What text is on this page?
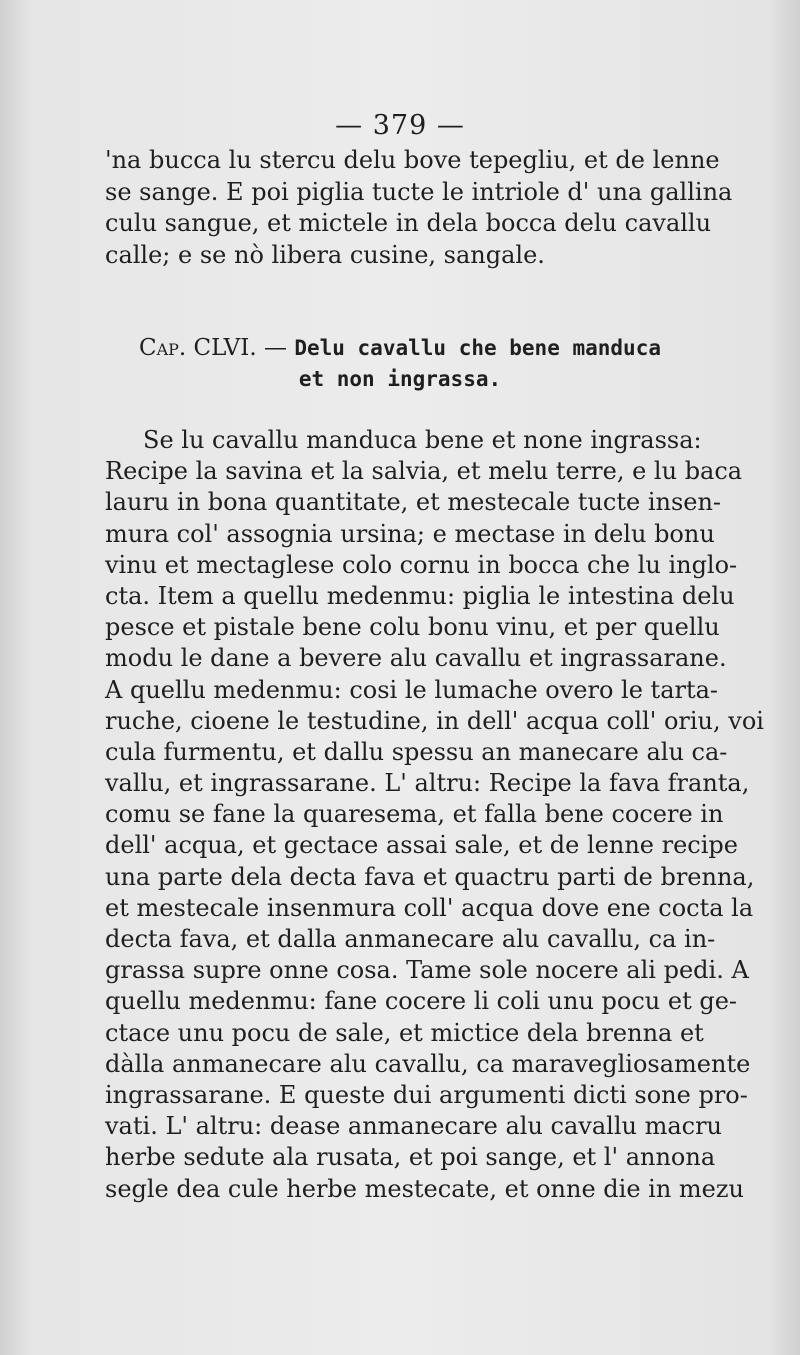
— 379 —
'na bucca lu stercu delu bove tepegliu, et de lenne
se sange. E poi piglia tucte le intriole d' una gallina
culu sangue, et mictele in dela bocca delu cavallu
calle; e se nò libera cusine, sangale.
Cap. CLVI. — Delu cavallu che bene manduca
et non ingrassa.
Se lu cavallu manduca bene et none ingrassa:
Recipe la savina et la salvia, et melu terre, e lu baca
lauru in bona quantitate, et mestecale tucte insen-
mura col' assognia ursina; e mectase in delu bonu
vinu et mectaglese colo cornu in bocca che lu inglo-
cta. Item a quellu medenmu: piglia le intestina delu
pesce et pistale bene colu bonu vinu, et per quellu
modu le dane a bevere alu cavallu et ingrassarane.
A quellu medenmu: cosi le lumache overo le tarta-
ruche, cioene le testudine, in dell' acqua coll' oriu, voi
cula furmentu, et dallu spessu an manecare alu ca-
vallu, et ingrassarane. L' altru: Recipe la fava franta,
comu se fane la quaresema, et falla bene cocere in
dell' acqua, et gectace assai sale, et de lenne recipe
una parte dela decta fava et quactru parti de brenna,
et mestecale insenmura coll' acqua dove ene cocta la
decta fava, et dalla anmanecare alu cavallu, ca in-
grassa supre onne cosa. Tame sole nocere ali pedi. A
quellu medenmu: fane cocere li coli unu pocu et ge-
ctace unu pocu de sale, et mictice dela brenna et
dàlla anmanecare alu cavallu, ca maravegliosamente
ingrassarane. E queste dui argumenti dicti sone pro-
vati. L' altru: dease anmanecare alu cavallu macru
herbe sedute ala rusata, et poi sange, et l' annona
segle dea cule herbe mestecate, et onne die in mezu
